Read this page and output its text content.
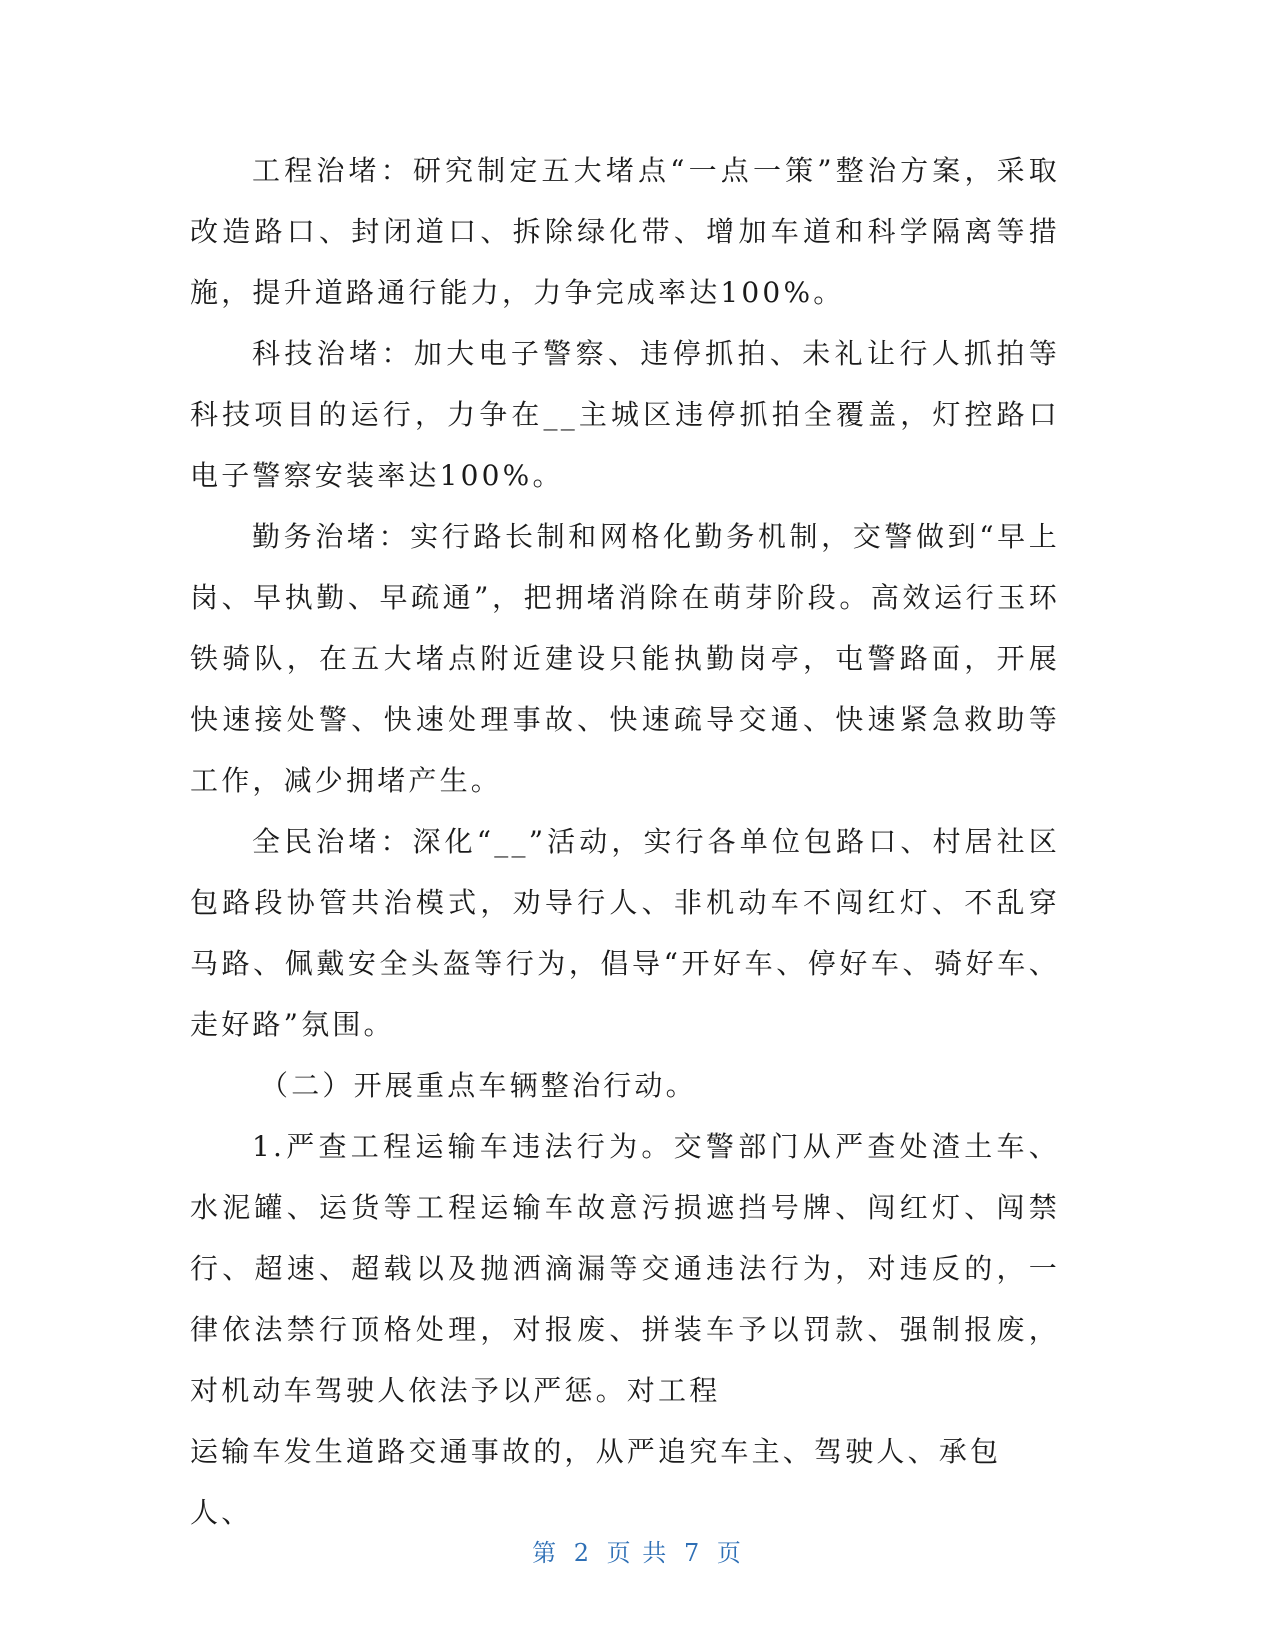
工程治堵：研究制定五大堵点“一点一策”整治方案，采取改造路口、封闭道口、拆除绿化带、增加车道和科学隔离等措施，提升道路通行能力，力争完成率达100%。

科技治堵：加大电子警察、违停抓拍、未礼让行人抓拍等科技项目的运行，力争在__主城区违停抓拍全覆盖，灯控路口电子警察安装率达100%。

勤务治堵：实行路长制和网格化勤务机制，交警做到“早上岗、早执勤、早疏通”，把拥堵消除在萌芽阶段。高效运行玉环铁骑队，在五大堵点附近建设只能执勤岗亭，屯警路面，开展快速接处警、快速处理事故、快速疏导交通、快速紧急救助等工作，减少拥堵产生。

全民治堵：深化“__”活动，实行各单位包路口、村居社区包路段协管共治模式，劝导行人、非机动车不闯红灯、不乱穿马路、佩戴安全头盔等行为，倡导“开好车、停好车、骑好车、走好路”氛围。

（二）开展重点车辆整治行动。

1.严查工程运输车违法行为。交警部门从严查处渣土车、水泥罐、运货等工程运输车故意污损遮挡号牌、闯红灯、闯禁行、超速、超载以及抛洒滴漏等交通违法行为，对违反的，一律依法禁行顶格处理，对报废、拼装车予以罚款、强制报废，对机动车驾驶人依法予以严惩。对工程

运输车发生道路交通事故的，从严追究车主、驾驶人、承包人、

第 2 页 共 7 页
